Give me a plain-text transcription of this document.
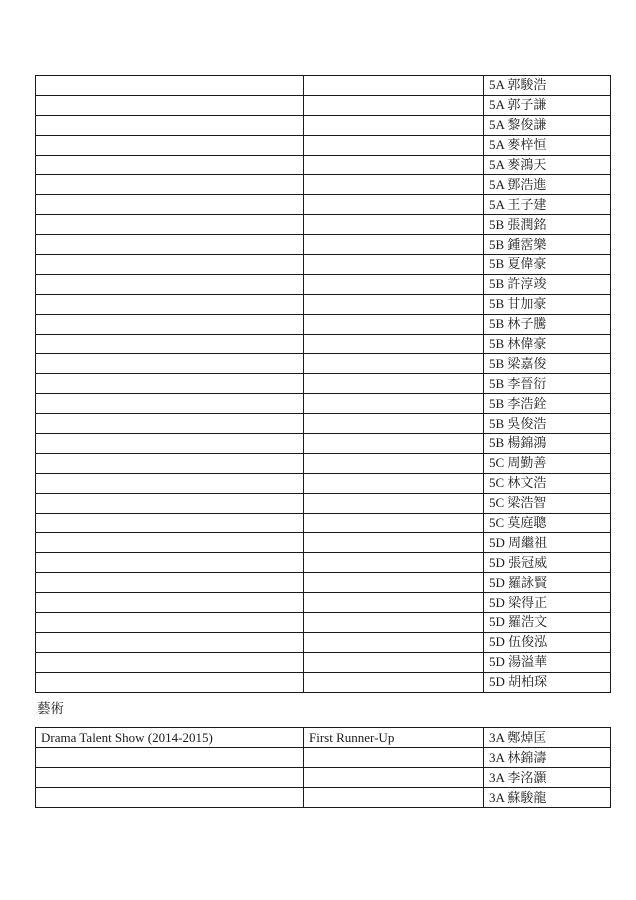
		5A 郭駿浩
		5A 郭子謙
		5A 黎俊謙
		5A 麥梓恒
		5A 麥鴻天
		5A 鄧浩進
		5A 王子建
		5B 張潤銘
		5B 鍾霑樂
		5B 夏偉豪
		5B 許淳竣
		5B 甘加豪
		5B 林子騰
		5B 林偉豪
		5B 梁嘉俊
		5B 李晉衍
		5B 李浩銓
		5B 吳俊浩
		5B 楊錦鴻
		5C 周勤善
		5C 林文浩
		5C 梁浩智
		5C 莫庭聰
		5D 周繼祖
		5D 張冠威
		5D 羅詠賢
		5D 梁得正
		5D 羅浩文
		5D 伍俊泓
		5D 湯溢華
		5D 胡柏琛
藝術
Drama Talent Show (2014-2015)	First Runner-Up	3A 鄭焯匡
		3A 林錦濤
		3A 李洺灝
		3A 蘇駿龍
